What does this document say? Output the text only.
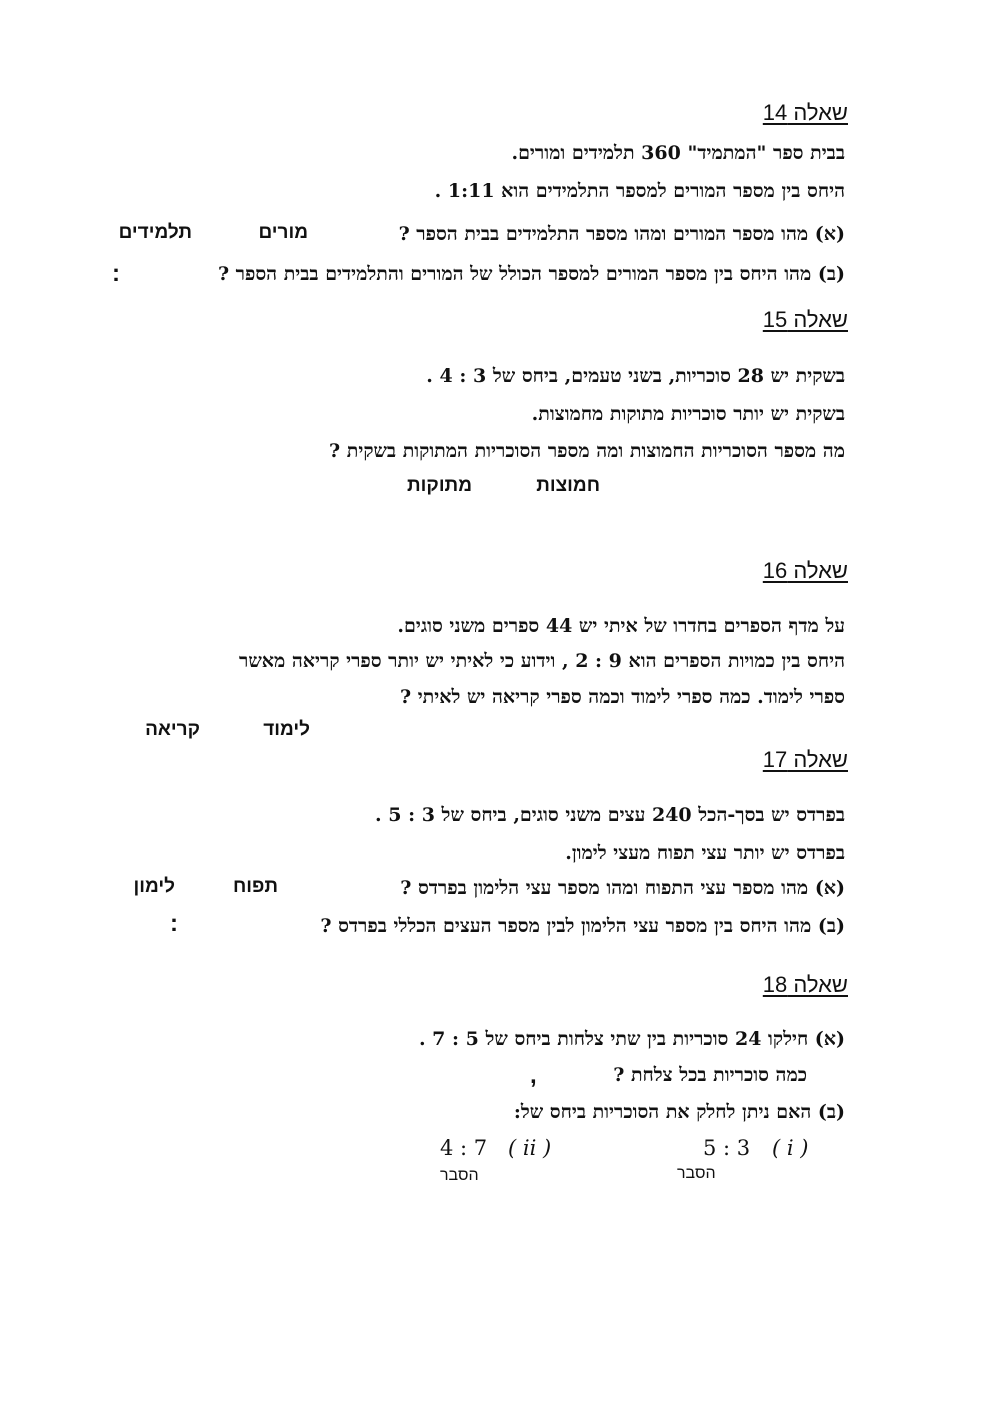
שאלה 14
בבית ספר "המתמיד" 360 תלמידים ומורים.
היחס בין מספר המורים למספר התלמידים הוא 1:11 .
(א) מהו מספר המורים ומהו מספר התלמידים בבית הספר ?
מורים
תלמידים
(ב) מהו היחס בין מספר המורים למספר הכולל של המורים והתלמידים בבית הספר ?
:
שאלה 15
בשקית יש 28 סוכריות, בשני טעמים, ביחס של 3 : 4 .
בשקית יש יותר סוכריות מתוקות מחמוצות.
מה מספר הסוכריות החמוצות ומה מספר הסוכריות המתוקות בשקית ?
חמוצות
מתוקות
שאלה 16
על מדף הספרים בחדרו של איתי יש 44 ספרים משני סוגים.
היחס בין כמויות הספרים הוא 9 : 2 , וידוע כי לאיתי יש יותר ספרי קריאה מאשר
ספרי לימוד. כמה ספרי לימוד וכמה ספרי קריאה יש לאיתי ?
לימוד
קריאה
שאלה 17
בפרדס יש בסך-הכל 240 עצים משני סוגים, ביחס של 3 : 5 .
בפרדס יש יותר עצי תפוח מעצי לימון.
(א) מהו מספר עצי התפוח ומהו מספר עצי הלימון בפרדס ?
תפוח
לימון
(ב) מהו היחס בין מספר עצי הלימון לבין מספר העצים הכללי בפרדס ?
:
שאלה 18
(א) חילקו 24 סוכריות בין שתי צלחות ביחס של 5 : 7 .
כמה סוכריות בכל צלחת ?
,
(ב) האם ניתן לחלק את הסוכריות ביחס של:
( i )
5 : 3
( ii )
4 : 7
הסבר
הסבר
